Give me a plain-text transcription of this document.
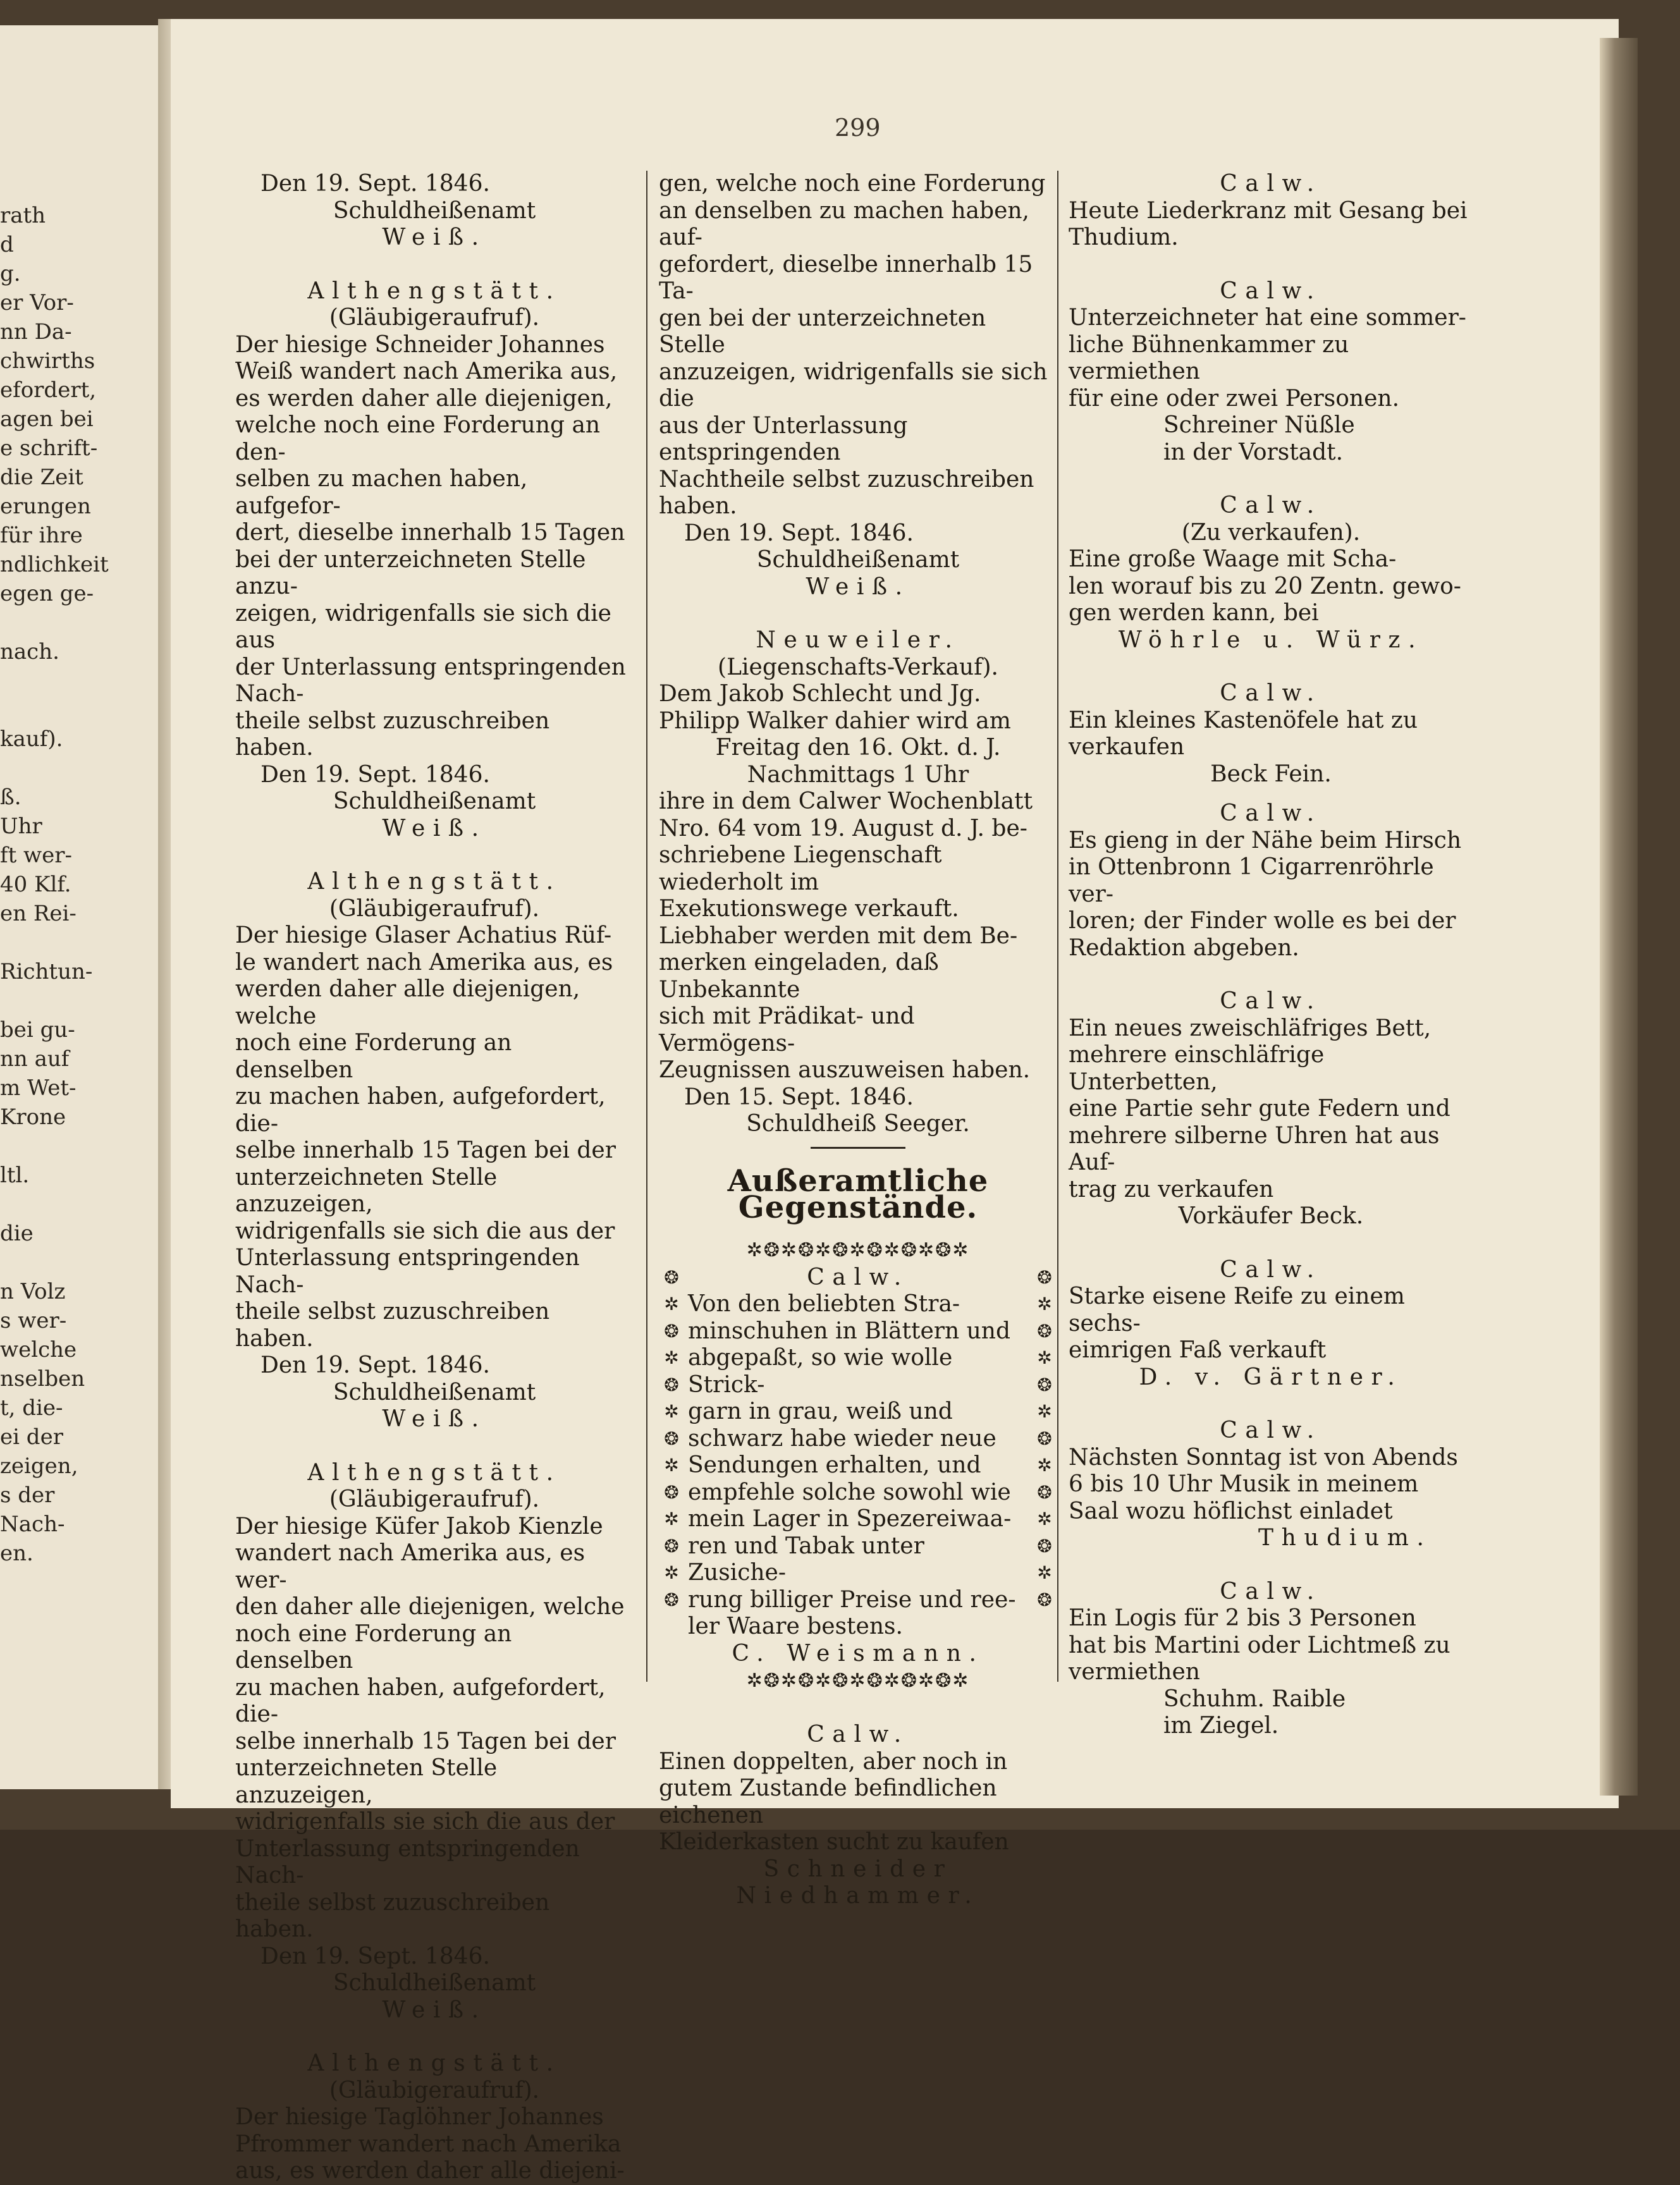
rath
d
g.
er Vor-
nn Da-
chwirths
efordert,
agen bei
e schrift-
die Zeit
erungen
für ihre
ndlichkeit
egen ge-
nach.
kauf).
ß.
Uhr
ft wer-
40 Klf.
en Rei-
Richtun-
bei gu-
nn auf
m Wet-
Krone
ltl.
die
n Volz
s wer-
welche
nselben
t, die-
ei der
zeigen,
s der
Nach-
en.
299
Den 19. Sept. 1846.
Schuldheißenamt
Weiß.
Althengstätt.
(Gläubigeraufruf).
Der hiesige Schneider Johannes
Weiß wandert nach Amerika aus,
es werden daher alle diejenigen,
welche noch eine Forderung an den-
selben zu machen haben, aufgefor-
dert, dieselbe innerhalb 15 Tagen
bei der unterzeichneten Stelle anzu-
zeigen, widrigenfalls sie sich die aus
der Unterlassung entspringenden Nach-
theile selbst zuzuschreiben haben.
Den 19. Sept. 1846.
Schuldheißenamt
Weiß.
Althengstätt.
(Gläubigeraufruf).
Der hiesige Glaser Achatius Rüf-
le wandert nach Amerika aus, es
werden daher alle diejenigen, welche
noch eine Forderung an denselben
zu machen haben, aufgefordert, die-
selbe innerhalb 15 Tagen bei der
unterzeichneten Stelle anzuzeigen,
widrigenfalls sie sich die aus der
Unterlassung entspringenden Nach-
theile selbst zuzuschreiben haben.
Den 19. Sept. 1846.
Schuldheißenamt
Weiß.
Althengstätt.
(Gläubigeraufruf).
Der hiesige Küfer Jakob Kienzle
wandert nach Amerika aus, es wer-
den daher alle diejenigen, welche
noch eine Forderung an denselben
zu machen haben, aufgefordert, die-
selbe innerhalb 15 Tagen bei der
unterzeichneten Stelle anzuzeigen,
widrigenfalls sie sich die aus der
Unterlassung entspringenden Nach-
theile selbst zuzuschreiben haben.
Den 19. Sept. 1846.
Schuldheißenamt
Weiß.
Althengstätt.
(Gläubigeraufruf).
Der hiesige Taglöhner Johannes
Pfrommer wandert nach Amerika
aus, es werden daher alle diejeni-
gen, welche noch eine Forderung
an denselben zu machen haben, auf-
gefordert, dieselbe innerhalb 15 Ta-
gen bei der unterzeichneten Stelle
anzuzeigen, widrigenfalls sie sich die
aus der Unterlassung entspringenden
Nachtheile selbst zuzuschreiben haben.
Den 19. Sept. 1846.
Schuldheißenamt
Weiß.
Neuweiler.
(Liegenschafts-Verkauf).
Dem Jakob Schlecht und Jg.
Philipp Walker dahier wird am
Freitag den 16. Okt. d. J.
Nachmittags 1 Uhr
ihre in dem Calwer Wochenblatt
Nro. 64 vom 19. August d. J. be-
schriebene Liegenschaft wiederholt im
Exekutionswege verkauft.
Liebhaber werden mit dem Be-
merken eingeladen, daß Unbekannte
sich mit Prädikat- und Vermögens-
Zeugnissen auszuweisen haben.
Den 15. Sept. 1846.
Schuldheiß Seeger.
Außeramtliche Gegenstände.
✲❂✲❂✲❂✲❂✲❂✲❂✲
❂
✲
❂
✲
❂
✲
❂
✲
❂
✲
❂
✲
❂
Calw.
Von den beliebten Stra-
minschuhen in Blättern und
abgepaßt, so wie wolle Strick-
garn in grau, weiß und
schwarz habe wieder neue
Sendungen erhalten, und
empfehle solche sowohl wie
mein Lager in Spezereiwaa-
ren und Tabak unter Zusiche-
rung billiger Preise und ree-
ler Waare bestens.
C. Weismann.
❂
✲
❂
✲
❂
✲
❂
✲
❂
✲
❂
✲
❂
✲❂✲❂✲❂✲❂✲❂✲❂✲
Calw.
Einen doppelten, aber noch in
gutem Zustande befindlichen eichenen
Kleiderkasten sucht zu kaufen
Schneider Niedhammer.
Calw.
Heute Liederkranz mit Gesang bei
Thudium.
Calw.
Unterzeichneter hat eine sommer-
liche Bühnenkammer zu vermiethen
für eine oder zwei Personen.
Schreiner Nüßle
in der Vorstadt.
Calw.
(Zu verkaufen).
Eine große Waage mit Scha-
len worauf bis zu 20 Zentn. gewo-
gen werden kann, bei
Wöhrle u. Würz.
Calw.
Ein kleines Kastenöfele hat zu
verkaufen
Beck Fein.
Calw.
Es gieng in der Nähe beim Hirsch
in Ottenbronn 1 Cigarrenröhrle ver-
loren; der Finder wolle es bei der
Redaktion abgeben.
Calw.
Ein neues zweischläfriges Bett,
mehrere einschläfrige Unterbetten,
eine Partie sehr gute Federn und
mehrere silberne Uhren hat aus Auf-
trag zu verkaufen
Vorkäufer Beck.
Calw.
Starke eisene Reife zu einem sechs-
eimrigen Faß verkauft
D. v. Gärtner.
Calw.
Nächsten Sonntag ist von Abends
6 bis 10 Uhr Musik in meinem
Saal wozu höflichst einladet
Thudium.
Calw.
Ein Logis für 2 bis 3 Personen
hat bis Martini oder Lichtmeß zu
vermiethen
Schuhm. Raible
im Ziegel.
